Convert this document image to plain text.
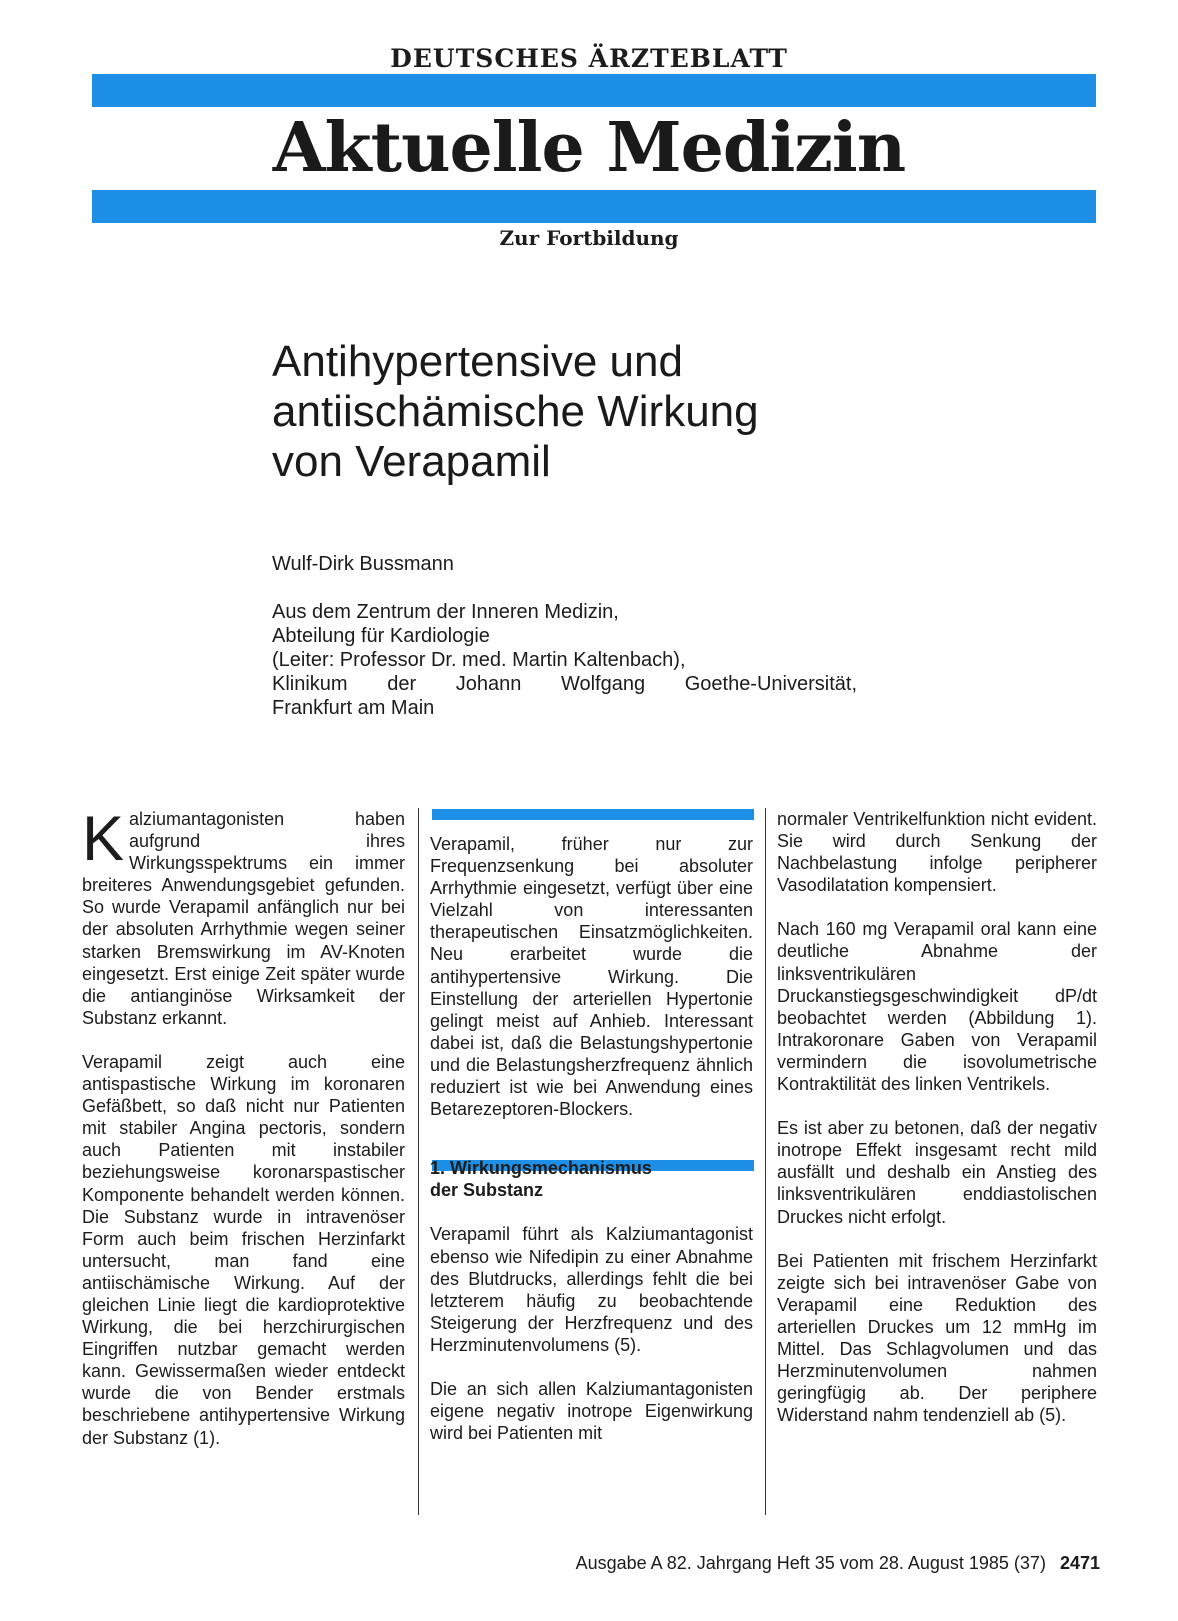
DEUTSCHES ÄRZTEBLATT
Aktuelle Medizin
Zur Fortbildung
Antihypertensive und
antiischämische Wirkung
von Verapamil
Wulf-Dirk Bussmann
Aus dem Zentrum der Inneren Medizin,
Abteilung für Kardiologie
(Leiter: Professor Dr. med. Martin Kaltenbach),
Klinikum der Johann Wolfgang Goethe-Universität,
Frankfurt am Main

Kalziumantagonisten haben aufgrund ihres Wirkungsspektrums ein immer breiteres Anwendungsgebiet gefunden. So wurde Verapamil anfänglich nur bei der absoluten Arrhythmie wegen seiner starken Bremswirkung im AV-Knoten eingesetzt. Erst einige Zeit später wurde die antianginöse Wirksamkeit der Substanz erkannt.

Verapamil zeigt auch eine antispastische Wirkung im koronaren Gefäßbett, so daß nicht nur Patienten mit stabiler Angina pectoris, sondern auch Patienten mit instabiler beziehungsweise koronarspastischer Komponente behandelt werden können. Die Substanz wurde in intravenöser Form auch beim frischen Herzinfarkt untersucht, man fand eine antiischämische Wirkung. Auf der gleichen Linie liegt die kardioprotektive Wirkung, die bei herzchirurgischen Eingriffen nutzbar gemacht werden kann. Gewissermaßen wieder entdeckt wurde die von Bender erstmals beschriebene antihypertensive Wirkung der Substanz (1).

Verapamil, früher nur zur Frequenzsenkung bei absoluter Arrhythmie eingesetzt, verfügt über eine Vielzahl von interessanten therapeutischen Einsatzmöglichkeiten. Neu erarbeitet wurde die antihypertensive Wirkung. Die Einstellung der arteriellen Hypertonie gelingt meist auf Anhieb. Interessant dabei ist, daß die Belastungshypertonie und die Belastungsherzfrequenz ähnlich reduziert ist wie bei Anwendung eines Betarezeptoren-Blockers.

1. Wirkungsmechanismus
der Substanz

Verapamil führt als Kalziumantagonist ebenso wie Nifedipin zu einer Abnahme des Blutdrucks, allerdings fehlt die bei letzterem häufig zu beobachtende Steigerung der Herzfrequenz und des Herzminutenvolumens (5).

Die an sich allen Kalziumantagonisten eigene negativ inotrope Eigenwirkung wird bei Patienten mit

normaler Ventrikelfunktion nicht evident. Sie wird durch Senkung der Nachbelastung infolge peripherer Vasodilatation kompensiert.

Nach 160 mg Verapamil oral kann eine deutliche Abnahme der linksventrikulären Druckanstiegsgeschwindigkeit dP/dt beobachtet werden (Abbildung 1). Intrakoronare Gaben von Verapamil vermindern die isovolumetrische Kontraktilität des linken Ventrikels.

Es ist aber zu betonen, daß der negativ inotrope Effekt insgesamt recht mild ausfällt und deshalb ein Anstieg des linksventrikulären enddiastolischen Druckes nicht erfolgt.

Bei Patienten mit frischem Herzinfarkt zeigte sich bei intravenöser Gabe von Verapamil eine Reduktion des arteriellen Druckes um 12 mmHg im Mittel. Das Schlagvolumen und das Herzminutenvolumen nahmen geringfügig ab. Der periphere Widerstand nahm tendenziell ab (5).

Ausgabe A 82. Jahrgang Heft 35 vom 28. August 1985 (37) 2471
